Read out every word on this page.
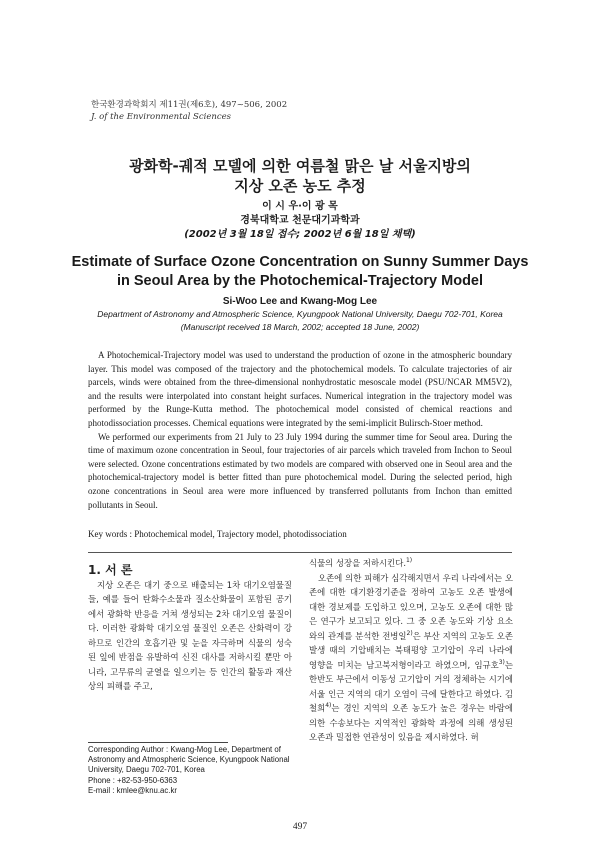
한국환경과학회지 제11권(제6호), 497~506, 2002
J. of the Environmental Sciences
광화학-궤적 모델에 의한 여름철 맑은 날 서울지방의
지상 오존 농도 추정
이 시 우·이 광 목
경북대학교 천문대기과학과
(2002년 3월 18일 접수; 2002년 6월 18일 채택)
Estimate of Surface Ozone Concentration on Sunny Summer Days
in Seoul Area by the Photochemical-Trajectory Model
Si-Woo Lee and Kwang-Mog Lee
Department of Astronomy and Atmospheric Science, Kyungpook National University, Daegu 702-701, Korea
(Manuscript received 18 March, 2002; accepted 18 June, 2002)

A Photochemical-Trajectory model was used to understand the production of ozone in the atmospheric boundary layer. This model was composed of the trajectory and the photochemical models. To calculate trajectories of air parcels, winds were obtained from the three-dimensional nonhydrostatic mesoscale model (PSU/NCAR MM5V2), and the results were interpolated into constant height surfaces. Numerical integration in the trajectory model was performed by the Runge-Kutta method. The photochemical model consisted of chemical reactions and photodissociation processes. Chemical equations were integrated by the semi-implicit Bulirsch-Stoer method.

We performed our experiments from 21 July to 23 July 1994 during the summer time for Seoul area. During the time of maximum ozone concentration in Seoul, four trajectories of air parcels which traveled from Inchon to Seoul were selected. Ozone concentrations estimated by two models are compared with observed one in Seoul area and the photochemical-trajectory model is better fitted than pure photochemical model. During the selected period, high ozone concentrations in Seoul area were more influenced by transferred pollutants from Inchon than emitted pollutants in Seoul.

Key words : Photochemical model, Trajectory model, photodissociation

1. 서 론

지상 오존은 대기 중으로 배출되는 1차 대기오염물질들, 예를 들어 탄화수소물과 질소산화물이 포함된 공기에서 광화학 반응을 거쳐 생성되는 2차 대기오염 물질이다. 이러한 광화학 대기오염 물질인 오존은 산화력이 강하므로 인간의 호흡기관 및 눈을 자극하며 식물의 성숙된 잎에 반점을 유발하여 신진 대사를 저하시킬 뿐만 아니라, 고무류의 균열을 일으키는 등 인간의 활동과 재산상의 피해를 주고,

식물의 성장을 저하시킨다.$^{1)}$

오존에 의한 피해가 심각해지면서 우리 나라에서는 오존에 대한 대기환경기준을 정하여 고농도 오존 발생에 대한 경보제를 도입하고 있으며, 고농도 오존에 대한 많은 연구가 보고되고 있다. 그 중 오존 농도와 기상 요소와의 관계를 분석한 전병일$^{2)}$은 부산 지역의 고농도 오존 발생 때의 기압배치는 북태평양 고기압이 우리 나라에 영향을 미치는 남고북저형이라고 하였으며, 임규호$^{3)}$는 한반도 부근에서 이동성 고기압이 거의 정체하는 시기에 서울 인근 지역의 대기 오염이 극에 달한다고 하였다. 김철희$^{4)}$는 경인 지역의 오존 농도가 높은 경우는 바람에 의한 수송보다는 지역적인 광화학 과정에 의해 생성된 오존과 밀접한 연관성이 있음을 제시하였다. 허

Corresponding Author : Kwang-Mog Lee, Department of Astronomy and Atmospheric Science, Kyungpook National University, Daegu 702-701, Korea
Phone : +82-53-950-6363
E-mail : kmlee@knu.ac.kr
497
